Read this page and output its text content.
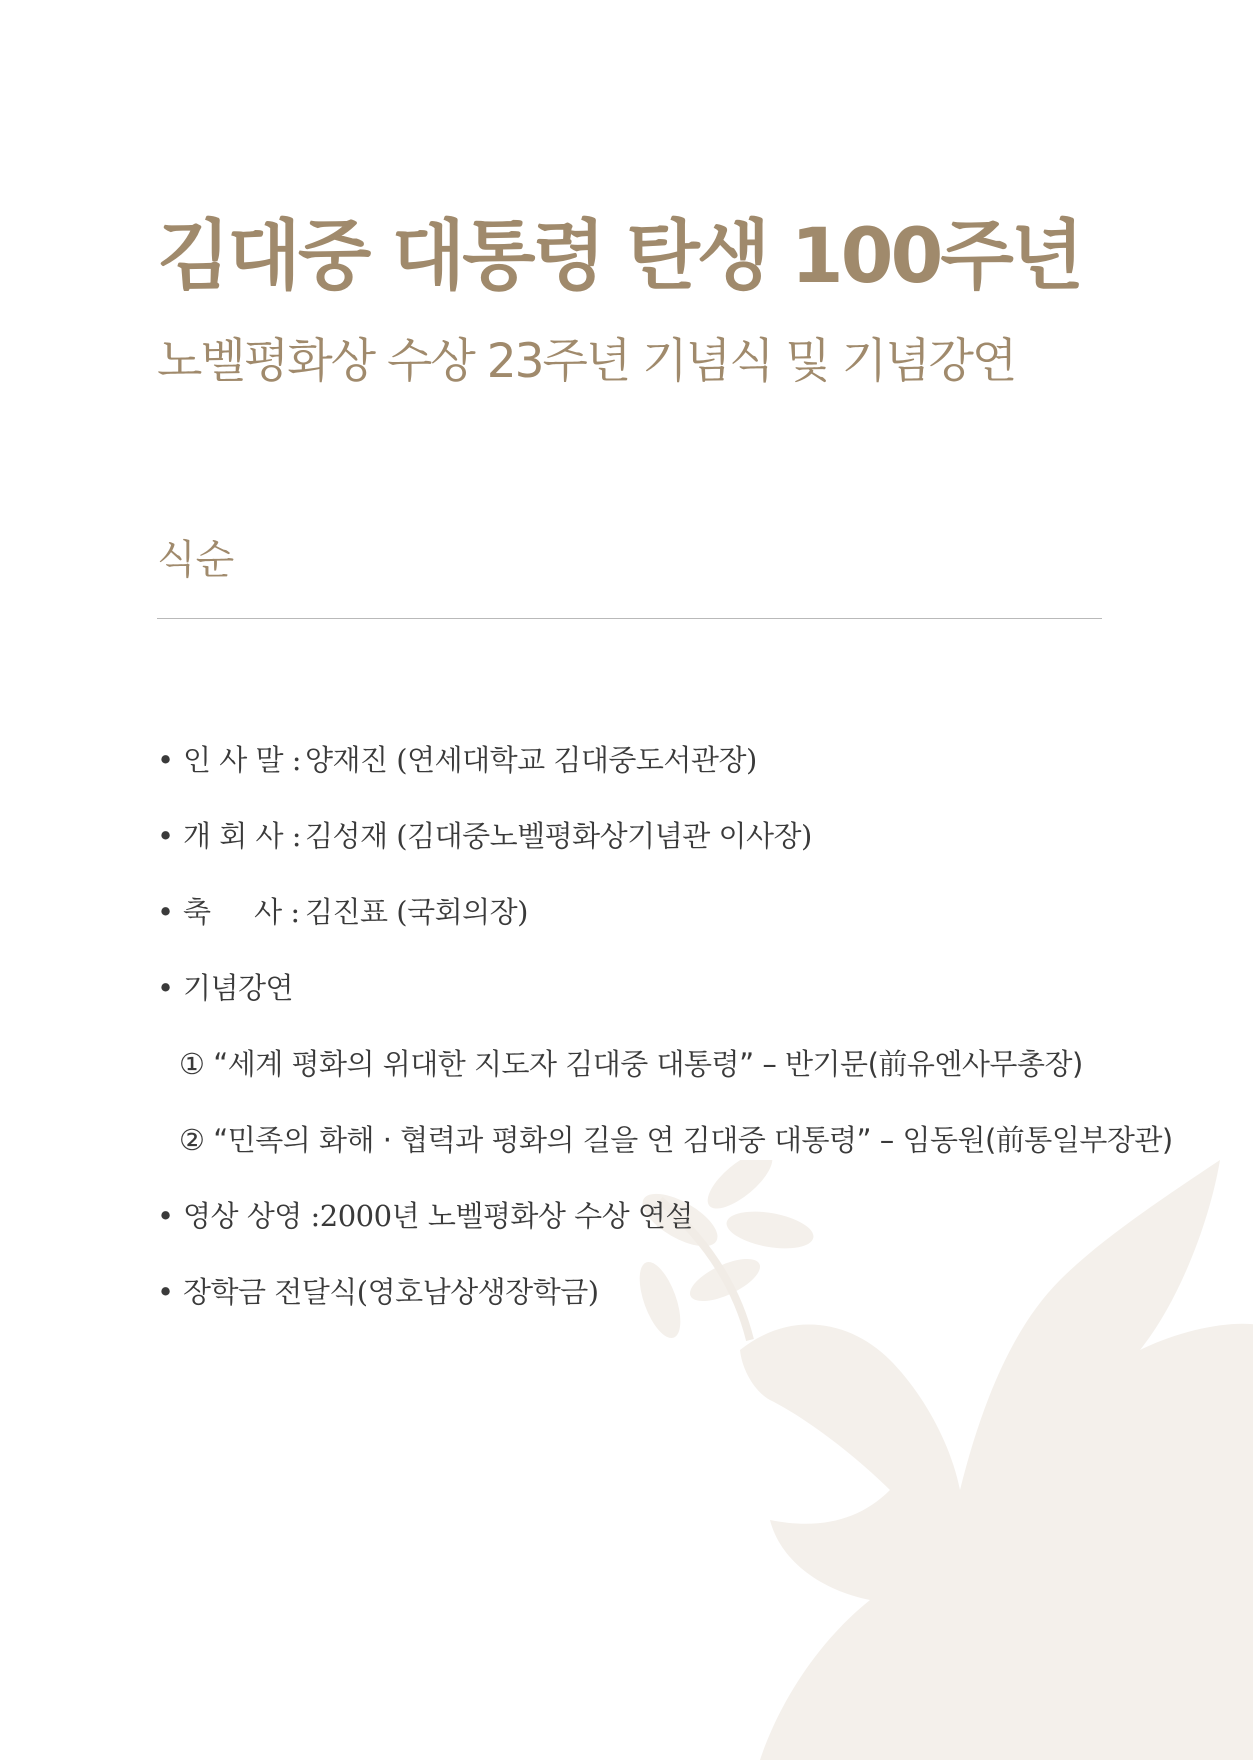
김대중 대통령 탄생 100주년
노벨평화상 수상 23주년 기념식 및 기념강연
식순
• 인 사 말 : 양재진 (연세대학교 김대중도서관장)
• 개 회 사 : 김성재 (김대중노벨평화상기념관 이사장)
• 축     사 : 김진표 (국회의장)
• 기념강연
① “세계 평화의 위대한 지도자 김대중 대통령” – 반기문(前유엔사무총장)
② “민족의 화해 · 협력과 평화의 길을 연 김대중 대통령” – 임동원(前통일부장관)
• 영상 상영 :2000년 노벨평화상 수상 연설
• 장학금 전달식(영호남상생장학금)
